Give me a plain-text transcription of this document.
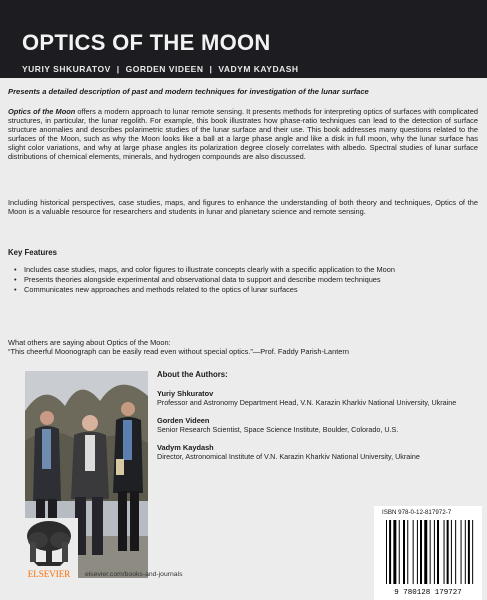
OPTICS OF THE MOON
YURIY SHKURATOV | GORDEN VIDEEN | VADYM KAYDASH
Presents a detailed description of past and modern techniques for investigation of the lunar surface
Optics of the Moon offers a modern approach to lunar remote sensing. It presents methods for interpreting optics of surfaces with complicated structures, in particular, the lunar regolith. For example, this book illustrates how phase-ratio techniques can lead to the detection of surface structure anomalies and describes polarimetric studies of the lunar surface and their use. This book addresses many questions related to the surfaces of the Moon, such as why the Moon looks like a ball at a large phase angle and like a disk in full moon, why the lunar surface has slight color variations, and why at large phase angles its polarization degree closely correlates with albedo. Spectral studies of lunar surface distributions of chemical elements, minerals, and hydrogen compounds are also discussed.
Including historical perspectives, case studies, maps, and figures to enhance the understanding of both theory and techniques, Optics of the Moon is a valuable resource for researchers and students in lunar and planetary science and remote sensing.
Key Features
• Includes case studies, maps, and color figures to illustrate concepts clearly with a specific application to the Moon
• Presents theories alongside experimental and observational data to support and describe modern techniques
• Communicates new approaches and methods related to the optics of lunar surfaces
What others are saying about Optics of the Moon:
“This cheerful Moonograph can be easily read even without special optics.”—Prof. Faddy Parish-Lantern
About the Authors:
Yuriy Shkuratov
Professor and Astronomy Department Head, V.N. Karazin Kharkiv National University, Ukraine
Gorden Videen
Senior Research Scientist, Space Science Institute, Boulder, Colorado, U.S.
Vadym Kaydash
Director, Astronomical Institute of V.N. Karazin Kharkiv National University, Ukraine
ELSEVIER elsevier.com/books-and-journals
ISBN 978-0-12-817972-7
9 780128 179727
